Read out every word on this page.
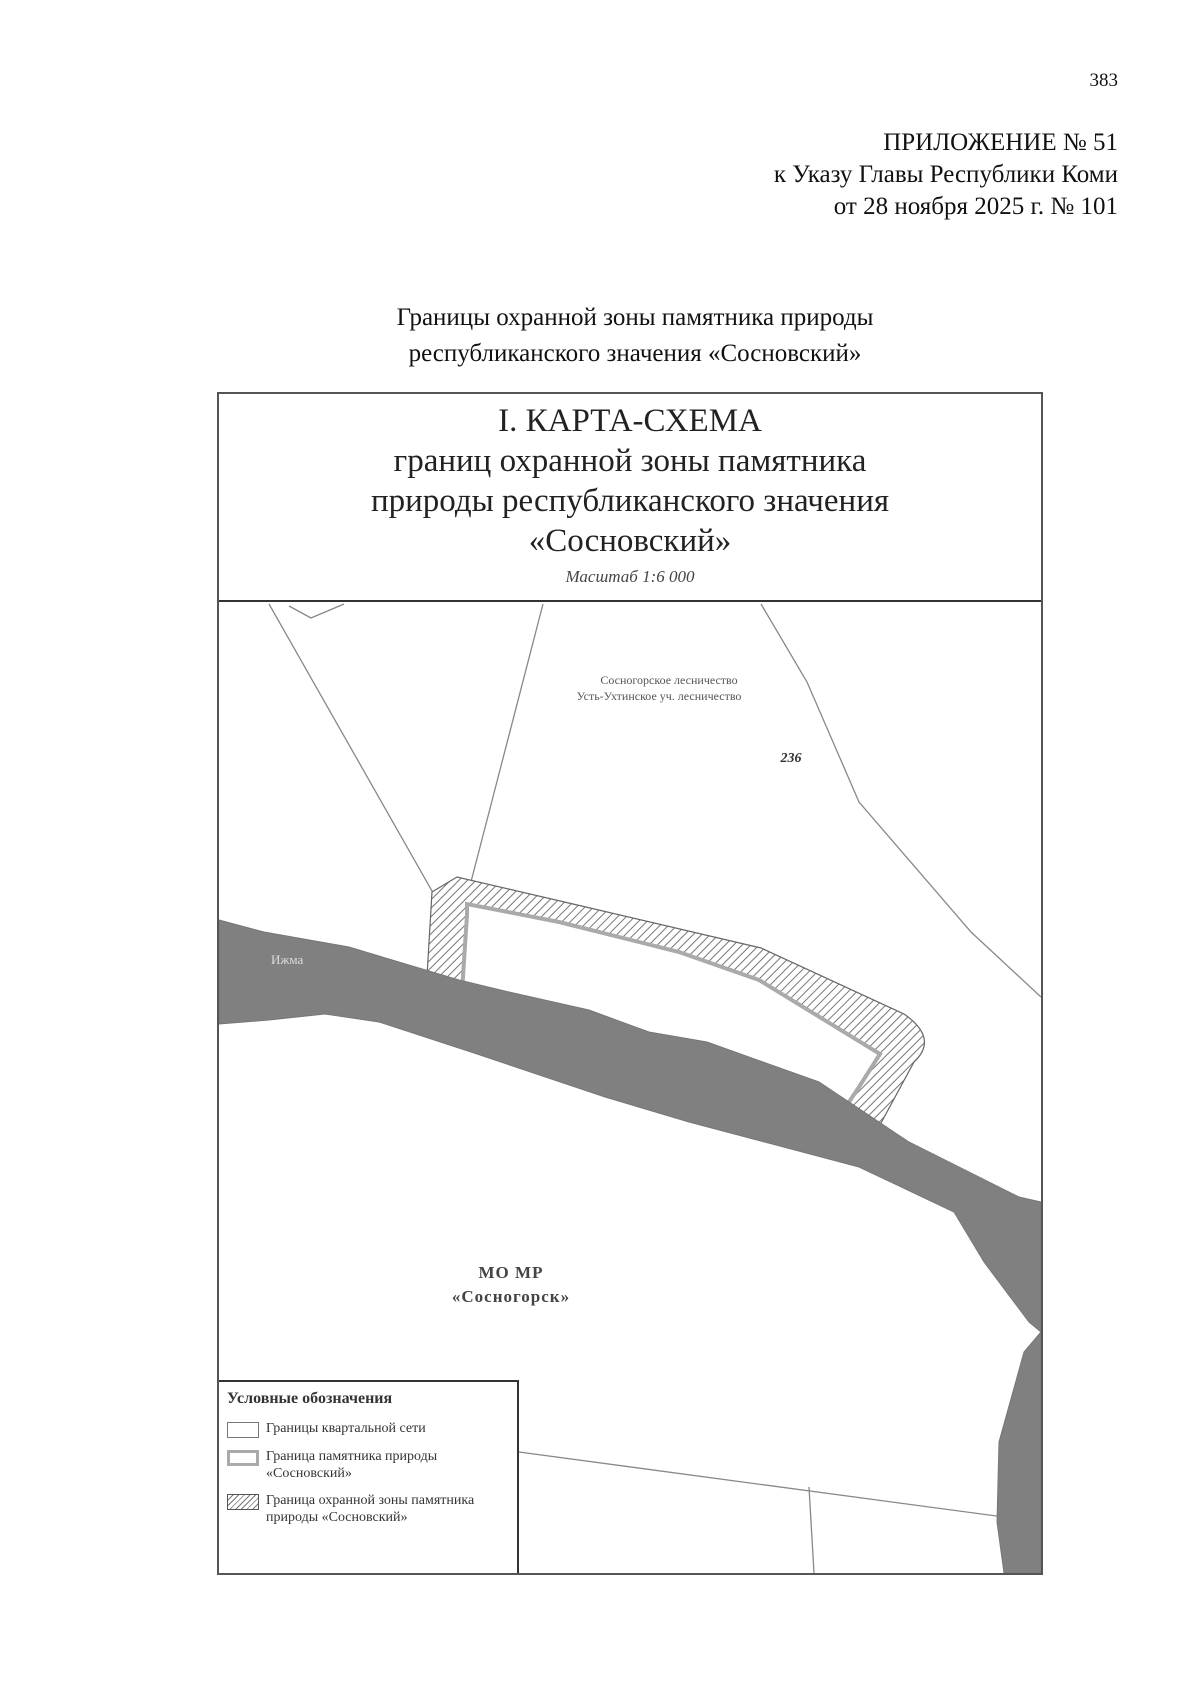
383
ПРИЛОЖЕНИЕ № 51
к Указу Главы Республики Коми
от 28 ноября 2025 г. № 101
Границы охранной зоны памятника природы
республиканского значения «Сосновский»
I. КАРТА-СХЕМА
границ охранной зоны памятника
природы республиканского значения
«Сосновский»
Масштаб 1:6 000
Сосногорское лесничество
Усть-Ухтинское уч. лесничество
236
Ижма
МО МР
«Сосногорск»
Условные обозначения
Границы квартальной сети
Граница памятника природы «Сосновский»
Граница охранной зоны памятника природы «Сосновский»
